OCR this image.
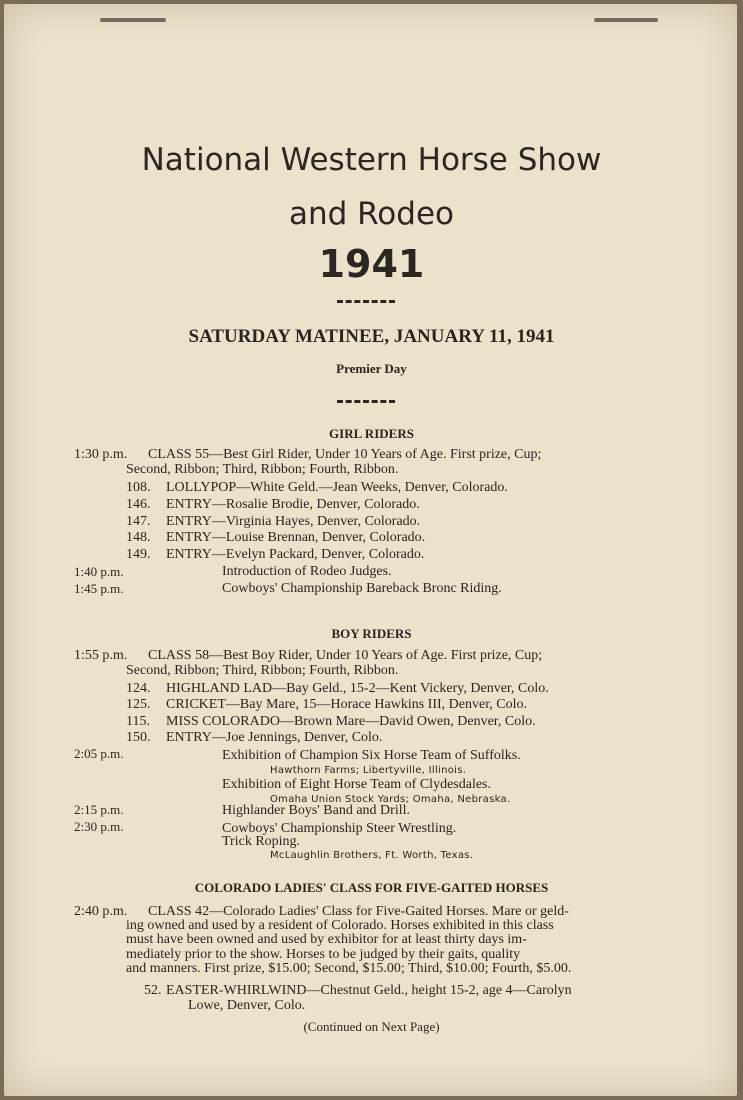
National Western Horse Show
and Rodeo
1941
SATURDAY MATINEE, JANUARY 11, 1941
Premier Day
GIRL RIDERS
1:30 p.m. CLASS 55—Best Girl Rider, Under 10 Years of Age. First prize, Cup;
Second, Ribbon; Third, Ribbon; Fourth, Ribbon.
108. LOLLYPOP—White Geld.—Jean Weeks, Denver, Colorado.
146. ENTRY—Rosalie Brodie, Denver, Colorado.
147. ENTRY—Virginia Hayes, Denver, Colorado.
148. ENTRY—Louise Brennan, Denver, Colorado.
149. ENTRY—Evelyn Packard, Denver, Colorado.
1:40 p.m.	Introduction of Rodeo Judges.
1:45 p.m.	Cowboys' Championship Bareback Bronc Riding.
BOY RIDERS
1:55 p.m. CLASS 58—Best Boy Rider, Under 10 Years of Age. First prize, Cup;
Second, Ribbon; Third, Ribbon; Fourth, Ribbon.
124. HIGHLAND LAD—Bay Geld., 15-2—Kent Vickery, Denver, Colo.
125. CRICKET—Bay Mare, 15—Horace Hawkins III, Denver, Colo.
115. MISS COLORADO—Brown Mare—David Owen, Denver, Colo.
150. ENTRY—Joe Jennings, Denver, Colo.
2:05 p.m.	Exhibition of Champion Six Horse Team of Suffolks.
Hawthorn Farms; Libertyville, Illinois.
Exhibition of Eight Horse Team of Clydesdales.
Omaha Union Stock Yards; Omaha, Nebraska.
2:15 p.m.	Highlander Boys' Band and Drill.
2:30 p.m.	Cowboys' Championship Steer Wrestling.
Trick Roping.
McLaughlin Brothers, Ft. Worth, Texas.
COLORADO LADIES' CLASS FOR FIVE-GAITED HORSES
2:40 p.m. CLASS 42—Colorado Ladies' Class for Five-Gaited Horses. Mare or geld-
ing owned and used by a resident of Colorado. Horses exhibited in this class
must have been owned and used by exhibitor for at least thirty days im-
mediately prior to the show. Horses to be judged by their gaits, quality
and manners. First prize, $15.00; Second, $15.00; Third, $10.00; Fourth, $5.00.
52. EASTER-WHIRLWIND—Chestnut Geld., height 15-2, age 4—Carolyn
Lowe, Denver, Colo.
(Continued on Next Page)
